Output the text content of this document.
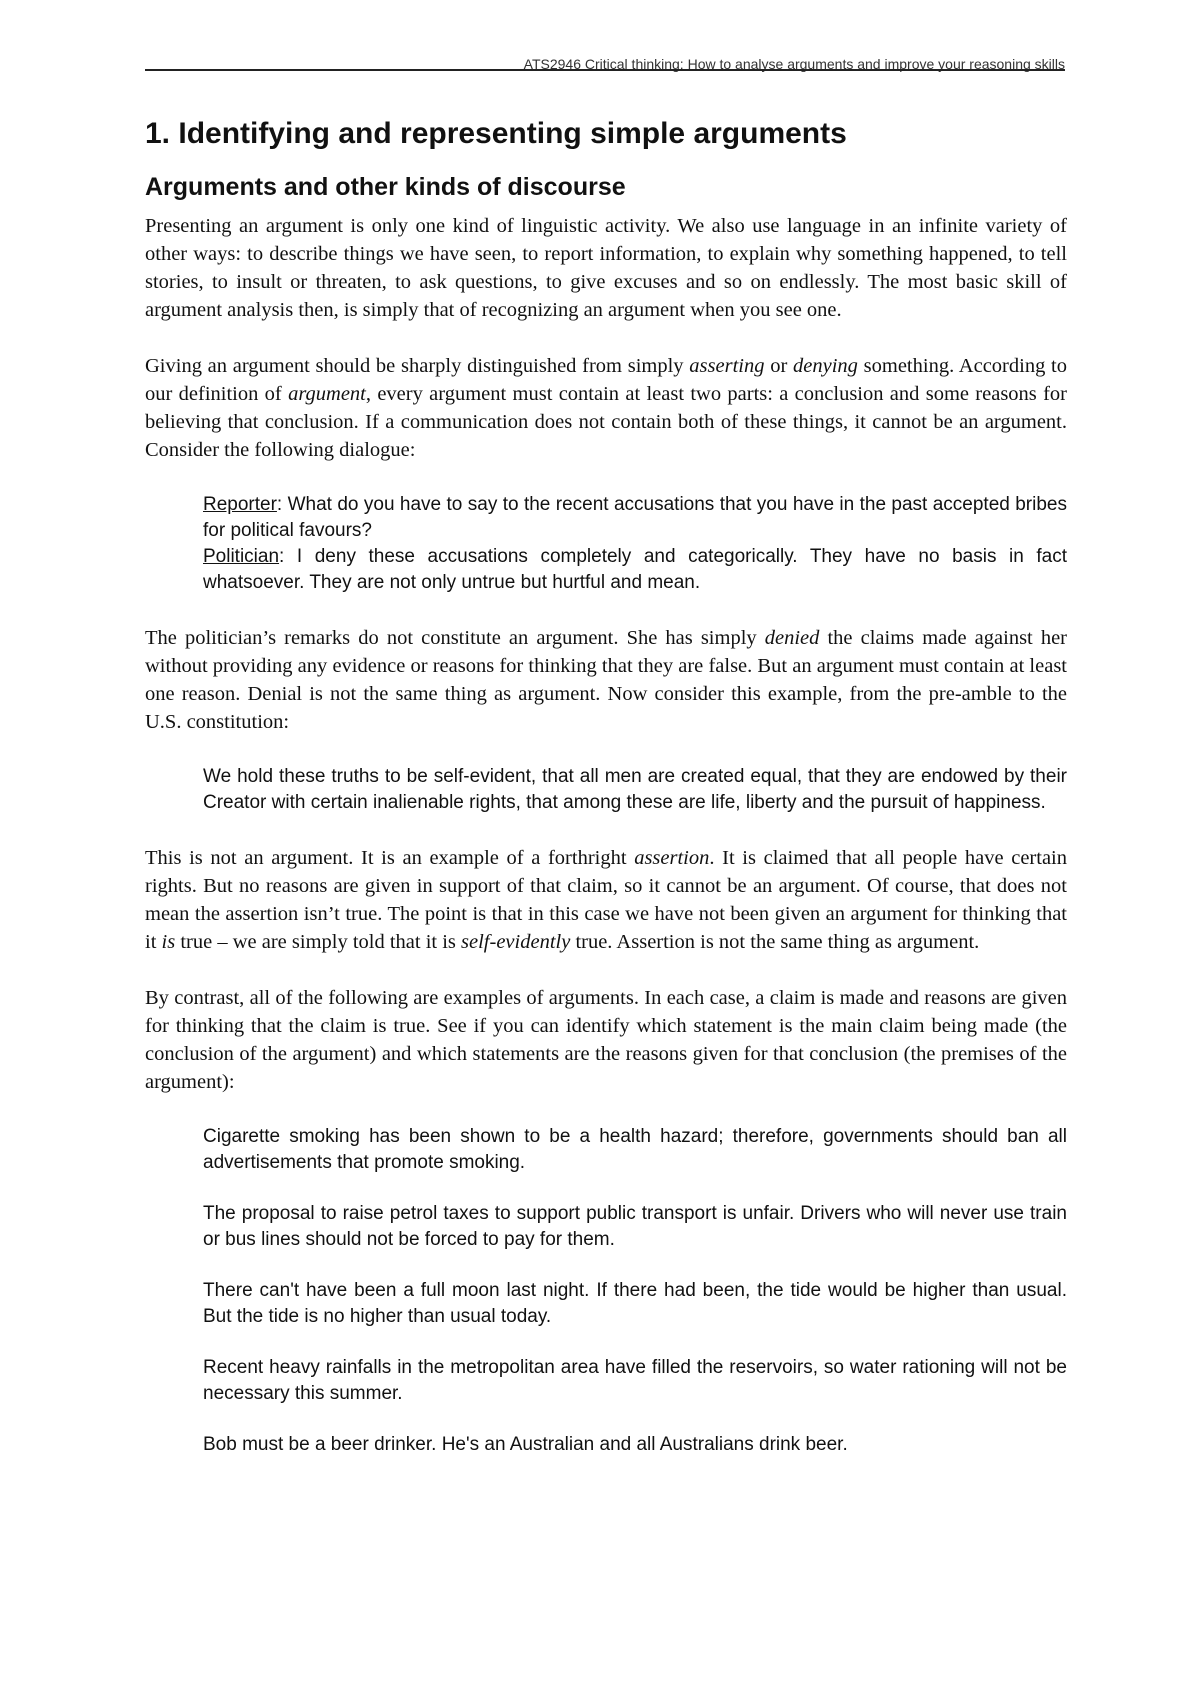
ATS2946 Critical thinking: How to analyse arguments and improve your reasoning skills
1. Identifying and representing simple arguments
Arguments and other kinds of discourse

Presenting an argument is only one kind of linguistic activity. We also use language in an infinite variety of other ways: to describe things we have seen, to report information, to explain why something happened, to tell stories, to insult or threaten, to ask questions, to give excuses and so on endlessly. The most basic skill of argument analysis then, is simply that of recognizing an argument when you see one.

Giving an argument should be sharply distinguished from simply asserting or denying something. According to our definition of argument, every argument must contain at least two parts: a conclusion and some reasons for believing that conclusion. If a communication does not contain both of these things, it cannot be an argument. Consider the following dialogue:

Reporter: What do you have to say to the recent accusations that you have in the past accepted bribes for political favours?

Politician: I deny these accusations completely and categorically. They have no basis in fact whatsoever. They are not only untrue but hurtful and mean.

The politician’s remarks do not constitute an argument. She has simply denied the claims made against her without providing any evidence or reasons for thinking that they are false. But an argument must contain at least one reason. Denial is not the same thing as argument. Now consider this example, from the pre-amble to the U.S. constitution:

We hold these truths to be self-evident, that all men are created equal, that they are endowed by their Creator with certain inalienable rights, that among these are life, liberty and the pursuit of happiness.

This is not an argument. It is an example of a forthright assertion. It is claimed that all people have certain rights. But no reasons are given in support of that claim, so it cannot be an argument. Of course, that does not mean the assertion isn’t true. The point is that in this case we have not been given an argument for thinking that it is true – we are simply told that it is self-evidently true. Assertion is not the same thing as argument.

By contrast, all of the following are examples of arguments. In each case, a claim is made and reasons are given for thinking that the claim is true. See if you can identify which statement is the main claim being made (the conclusion of the argument) and which statements are the reasons given for that conclusion (the premises of the argument):

Cigarette smoking has been shown to be a health hazard; therefore, governments should ban all advertisements that promote smoking.
The proposal to raise petrol taxes to support public transport is unfair. Drivers who will never use train or bus lines should not be forced to pay for them.
There can't have been a full moon last night. If there had been, the tide would be higher than usual. But the tide is no higher than usual today.
Recent heavy rainfalls in the metropolitan area have filled the reservoirs, so water rationing will not be necessary this summer.
Bob must be a beer drinker. He's an Australian and all Australians drink beer.
